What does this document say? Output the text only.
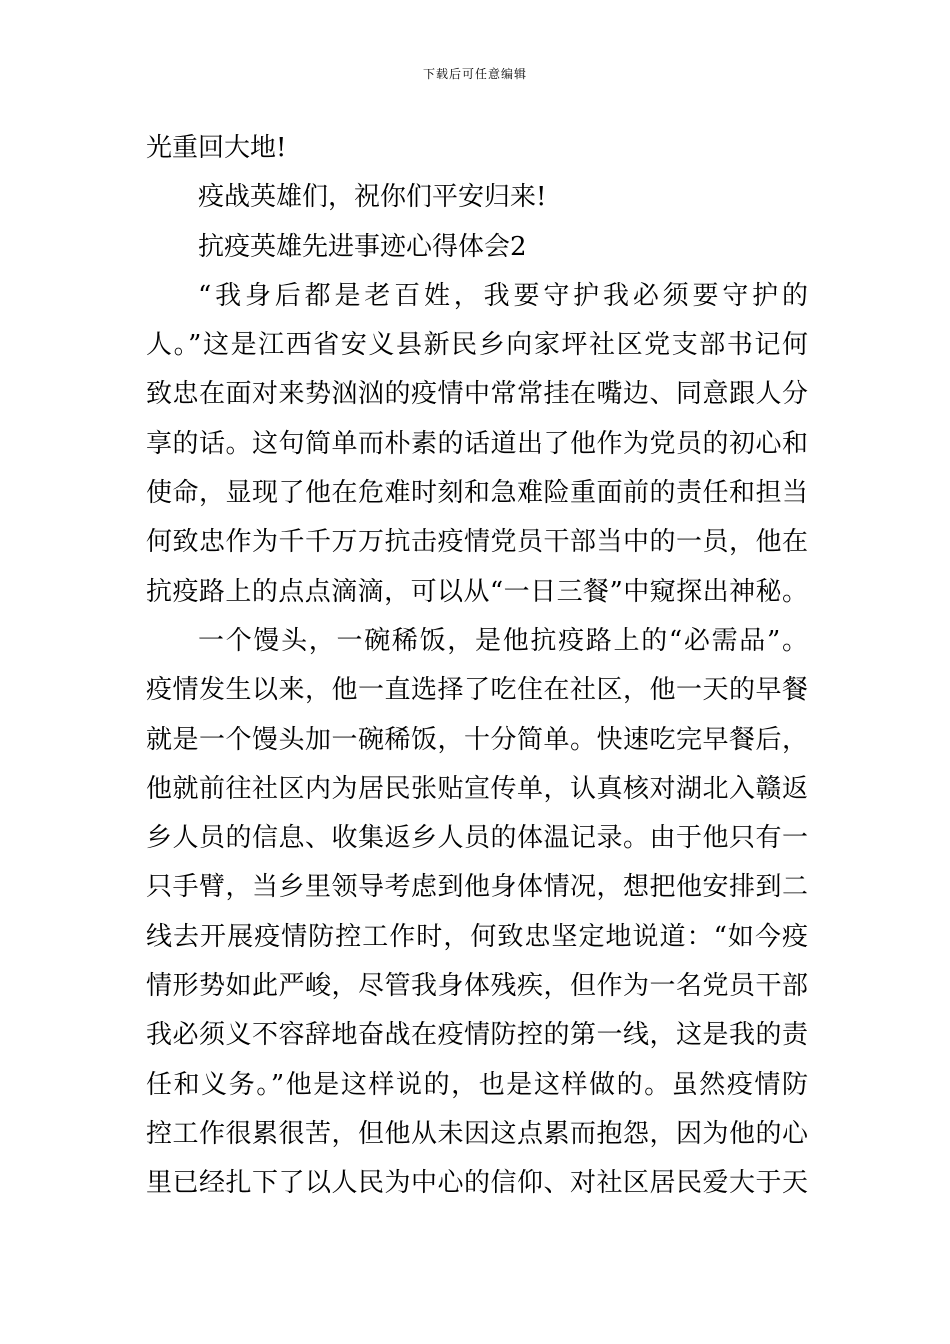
下载后可任意编辑
光重回大地!
疫战英雄们，祝你们平安归来!
抗疫英雄先进事迹心得体会2
“我身后都是老百姓，我要守护我必须要守护的
人。”这是江西省安义县新民乡向家坪社区党支部书记何
致忠在面对来势汹汹的疫情中常常挂在嘴边、同意跟人分
享的话。这句简单而朴素的话道出了他作为党员的初心和
使命，显现了他在危难时刻和急难险重面前的责任和担当
何致忠作为千千万万抗击疫情党员干部当中的一员，他在
抗疫路上的点点滴滴，可以从“一日三餐”中窥探出神秘。
一个馒头，一碗稀饭，是他抗疫路上的“必需品”。
疫情发生以来，他一直选择了吃住在社区，他一天的早餐
就是一个馒头加一碗稀饭，十分简单。快速吃完早餐后，
他就前往社区内为居民张贴宣传单，认真核对湖北入赣返
乡人员的信息、收集返乡人员的体温记录。由于他只有一
只手臂，当乡里领导考虑到他身体情况，想把他安排到二
线去开展疫情防控工作时，何致忠坚定地说道：“如今疫
情形势如此严峻，尽管我身体残疾，但作为一名党员干部
我必须义不容辞地奋战在疫情防控的第一线，这是我的责
任和义务。”他是这样说的，也是这样做的。虽然疫情防
控工作很累很苦，但他从未因这点累而抱怨，因为他的心
里已经扎下了以人民为中心的信仰、对社区居民爱大于天
